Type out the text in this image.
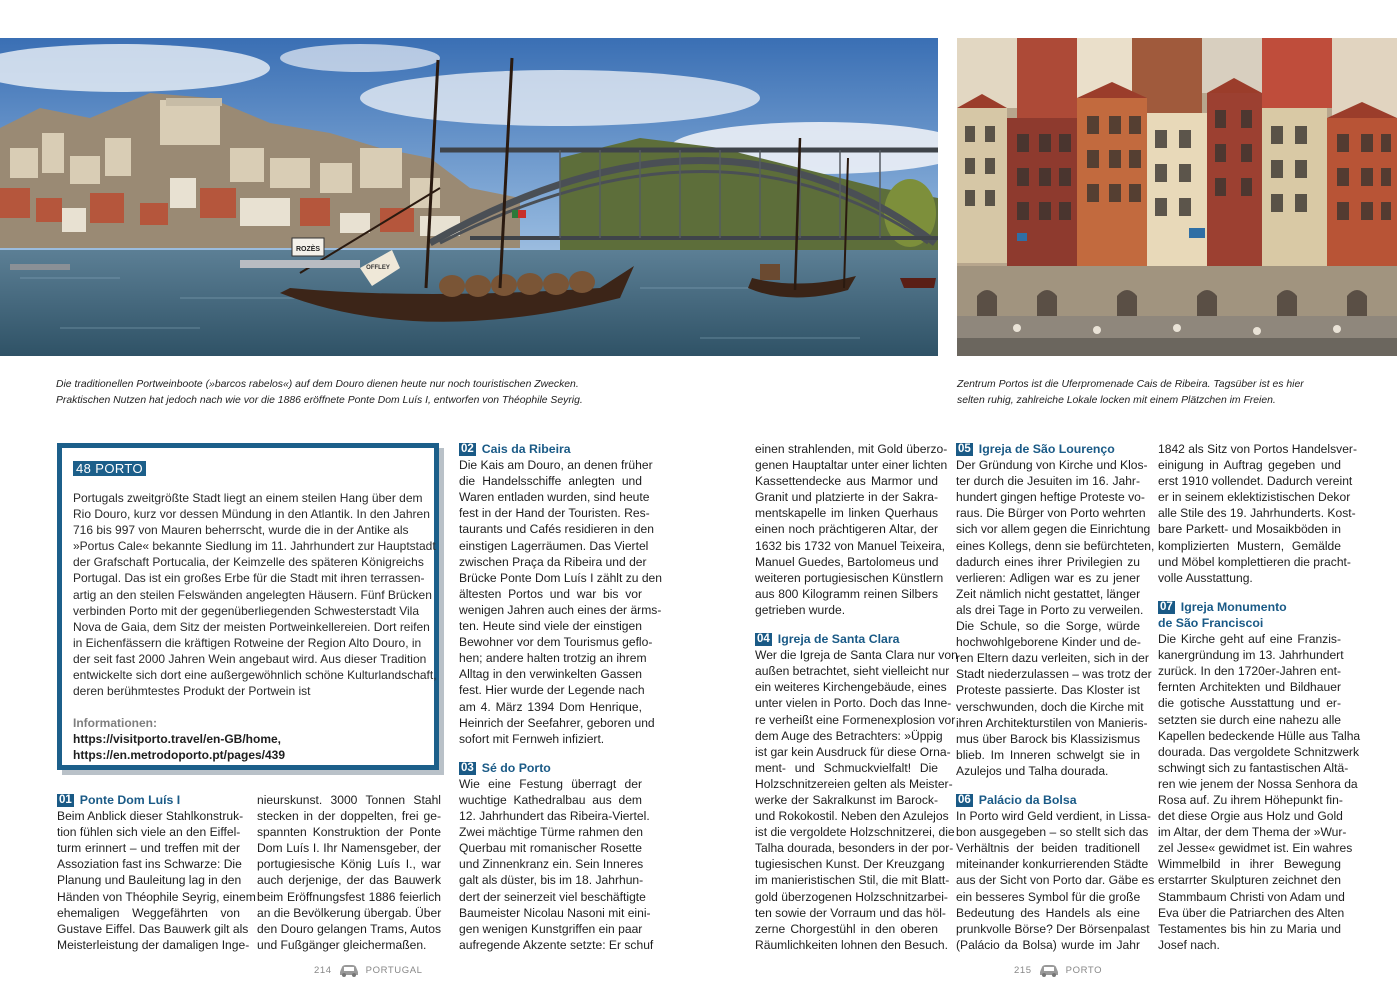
ROZÈS
OFFLEY
Die traditionellen Portweinboote (»barcos rabelos«) auf dem Douro dienen heute nur noch touristischen Zwecken.
Praktischen Nutzen hat jedoch nach wie vor die 1886 eröffnete Ponte Dom Luís I, entworfen von Théophile Seyrig.
Zentrum Portos ist die Uferpromenade Cais de Ribeira. Tagsüber ist es hier
selten ruhig, zahlreiche Lokale locken mit einem Plätzchen im Freien.
48 PORTO
Portugals zweitgrößte Stadt liegt an einem steilen Hang über dem
Rio Douro, kurz vor dessen Mündung in den Atlantik. In den Jahren
716 bis 997 von Mauren beherrscht, wurde die in der Antike als
»Portus Cale« bekannte Siedlung im 11. Jahrhundert zur Hauptstadt
der Grafschaft Portucalia, der Keimzelle des späteren Königreichs
Portugal. Das ist ein großes Erbe für die Stadt mit ihren terrassen-
artig an den steilen Felswänden angelegten Häusern. Fünf Brücken
verbinden Porto mit der gegenüberliegenden Schwesterstadt Vila
Nova de Gaia, dem Sitz der meisten Portweinkellereien. Dort reifen
in Eichenfässern die kräftigen Rotweine der Region Alto Douro, in
der seit fast 2000 Jahren Wein angebaut wird. Aus dieser Tradition
entwickelte sich dort eine außergewöhnlich schöne Kulturlandschaft,
deren berühmtestes Produkt der Portwein ist
Informationen:
https://visitporto.travel/en-GB/home,
https://en.metrodoporto.pt/pages/439
01 Ponte Dom Luís I
Beim Anblick dieser Stahlkonstruk-
tion fühlen sich viele an den Eiffel-
turm erinnert – und treffen mit der
Assoziation fast ins Schwarze: Die
Planung und Bauleitung lag in den
Händen von Théophile Seyrig, einem
ehemaligen Weggefährten von
Gustave Eiffel. Das Bauwerk gilt als
Meisterleistung der damaligen Inge-
nieurskunst. 3000 Tonnen Stahl
stecken in der doppelten, frei ge-
spannten Konstruktion der Ponte
Dom Luís I. Ihr Namensgeber, der
portugiesische König Luís I., war
auch derjenige, der das Bauwerk
beim Eröffnungsfest 1886 feierlich
an die Bevölkerung übergab. Über
den Douro gelangen Trams, Autos
und Fußgänger gleichermaßen.
02 Cais da Ribeira
Die Kais am Douro, an denen früher
die Handelsschiffe anlegten und
Waren entladen wurden, sind heute
fest in der Hand der Touristen. Res-
taurants und Cafés residieren in den
einstigen Lagerräumen. Das Viertel
zwischen Praça da Ribeira und der
Brücke Ponte Dom Luís I zählt zu den
ältesten Portos und war bis vor
wenigen Jahren auch eines der ärms-
ten. Heute sind viele der einstigen
Bewohner vor dem Tourismus geflo-
hen; andere halten trotzig an ihrem
Alltag in den verwinkelten Gassen
fest. Hier wurde der Legende nach
am 4. März 1394 Dom Henrique,
Heinrich der Seefahrer, geboren und
sofort mit Fernweh infiziert.
03 Sé do Porto
Wie eine Festung überragt der
wuchtige Kathedralbau aus dem
12. Jahrhundert das Ribeira-Viertel.
Zwei mächtige Türme rahmen den
Querbau mit romanischer Rosette
und Zinnenkranz ein. Sein Inneres
galt als düster, bis im 18. Jahrhun-
dert der seinerzeit viel beschäftigte
Baumeister Nicolau Nasoni mit eini-
gen wenigen Kunstgriffen ein paar
aufregende Akzente setzte: Er schuf
einen strahlenden, mit Gold überzo-
genen Hauptaltar unter einer lichten
Kassettendecke aus Marmor und
Granit und platzierte in der Sakra-
mentskapelle im linken Querhaus
einen noch prächtigeren Altar, der
1632 bis 1732 von Manuel Teixeira,
Manuel Guedes, Bartolomeus und
weiteren portugiesischen Künstlern
aus 800 Kilogramm reinen Silbers
getrieben wurde.
04 Igreja de Santa Clara
Wer die Igreja de Santa Clara nur von
außen betrachtet, sieht vielleicht nur
ein weiteres Kirchengebäude, eines
unter vielen in Porto. Doch das Inne-
re verheißt eine Formenexplosion vor
dem Auge des Betrachters: »Üppig
ist gar kein Ausdruck für diese Orna-
ment- und Schmuckvielfalt! Die
Holzschnitzereien gelten als Meister-
werke der Sakralkunst im Barock-
und Rokokostil. Neben den Azulejos
ist die vergoldete Holzschnitzerei, die
Talha dourada, besonders in der por-
tugiesischen Kunst. Der Kreuzgang
im manieristischen Stil, die mit Blatt-
gold überzogenen Holzschnitzarbei-
ten sowie der Vorraum und das höl-
zerne Chorgestühl in den oberen
Räumlichkeiten lohnen den Besuch.
05 Igreja de São Lourenço
Der Gründung von Kirche und Klos-
ter durch die Jesuiten im 16. Jahr-
hundert gingen heftige Proteste vo-
raus. Die Bürger von Porto wehrten
sich vor allem gegen die Einrichtung
eines Kollegs, denn sie befürchteten,
dadurch eines ihrer Privilegien zu
verlieren: Adligen war es zu jener
Zeit nämlich nicht gestattet, länger
als drei Tage in Porto zu verweilen.
Die Schule, so die Sorge, würde
hochwohlgeborene Kinder und de-
ren Eltern dazu verleiten, sich in der
Stadt niederzulassen – was trotz der
Proteste passierte. Das Kloster ist
verschwunden, doch die Kirche mit
ihren Architekturstilen von Manieris-
mus über Barock bis Klassizismus
blieb. Im Inneren schwelgt sie in
Azulejos und Talha dourada.
06 Palácio da Bolsa
In Porto wird Geld verdient, in Lissa-
bon ausgegeben – so stellt sich das
Verhältnis der beiden traditionell
miteinander konkurrierenden Städte
aus der Sicht von Porto dar. Gäbe es
ein besseres Symbol für die große
Bedeutung des Handels als eine
prunkvolle Börse? Der Börsenpalast
(Palácio da Bolsa) wurde im Jahr
1842 als Sitz von Portos Handelsver-
einigung in Auftrag gegeben und
erst 1910 vollendet. Dadurch vereint
er in seinem eklektizistischen Dekor
alle Stile des 19. Jahrhunderts. Kost-
bare Parkett- und Mosaikböden in
komplizierten Mustern, Gemälde
und Möbel komplettieren die pracht-
volle Ausstattung.
07 Igreja Monumento
de São Franciscoi
Die Kirche geht auf eine Franzis-
kanergründung im 13. Jahrhundert
zurück. In den 1720er-Jahren ent-
fernten Architekten und Bildhauer
die gotische Ausstattung und er-
setzten sie durch eine nahezu alle
Kapellen bedeckende Hülle aus Talha
dourada. Das vergoldete Schnitzwerk
schwingt sich zu fantastischen Altä-
ren wie jenem der Nossa Senhora da
Rosa auf. Zu ihrem Höhepunkt fin-
det diese Orgie aus Holz und Gold
im Altar, der dem Thema der »Wur-
zel Jesse« gewidmet ist. Ein wahres
Wimmelbild in ihrer Bewegung
erstarrter Skulpturen zeichnet den
Stammbaum Christi von Adam und
Eva über die Patriarchen des Alten
Testamentes bis hin zu Maria und
Josef nach.
214	PORTUGAL	215	PORTO
